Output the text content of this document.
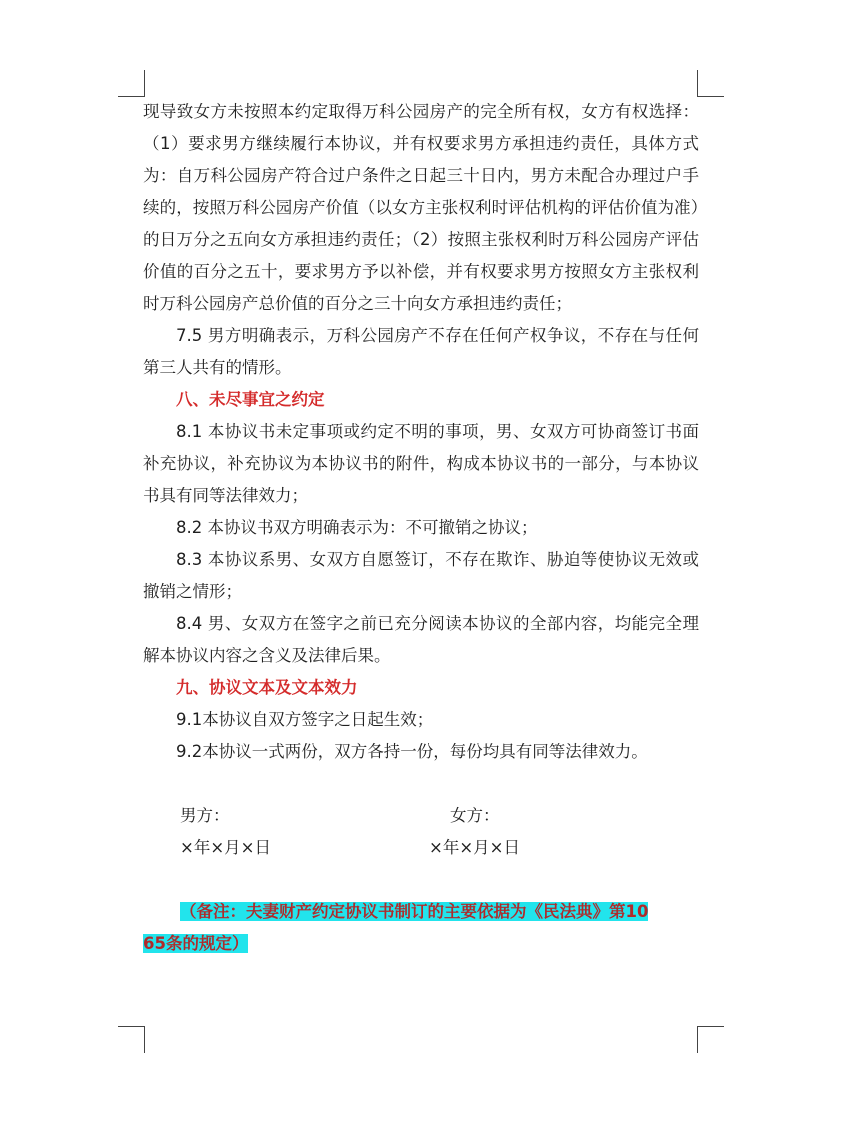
现导致女方未按照本约定取得万科公园房产的完全所有权，女方有权选择：（1）要求男方继续履行本协议，并有权要求男方承担违约责任，具体方式为：自万科公园房产符合过户条件之日起三十日内，男方未配合办理过户手续的，按照万科公园房产价值（以女方主张权利时评估机构的评估价值为准）的日万分之五向女方承担违约责任；（2）按照主张权利时万科公园房产评估价值的百分之五十，要求男方予以补偿，并有权要求男方按照女方主张权利时万科公园房产总价值的百分之三十向女方承担违约责任；

7.5 男方明确表示，万科公园房产不存在任何产权争议，不存在与任何第三人共有的情形。

八、未尽事宜之约定

8.1 本协议书未定事项或约定不明的事项，男、女双方可协商签订书面补充协议，补充协议为本协议书的附件，构成本协议书的一部分，与本协议书具有同等法律效力；

8.2 本协议书双方明确表示为：不可撤销之协议；

8.3 本协议系男、女双方自愿签订，不存在欺诈、胁迫等使协议无效或撤销之情形；

8.4 男、女双方在签字之前已充分阅读本协议的全部内容，均能完全理解本协议内容之含义及法律后果。

九、协议文本及文本效力

9.1本协议自双方签字之日起生效；

9.2本协议一式两份，双方各持一份，每份均具有同等法律效力。

男方：	女方：
×年×月×日	×年×月×日

（备注：夫妻财产约定协议书制订的主要依据为《民法典》第10

65条的规定）
